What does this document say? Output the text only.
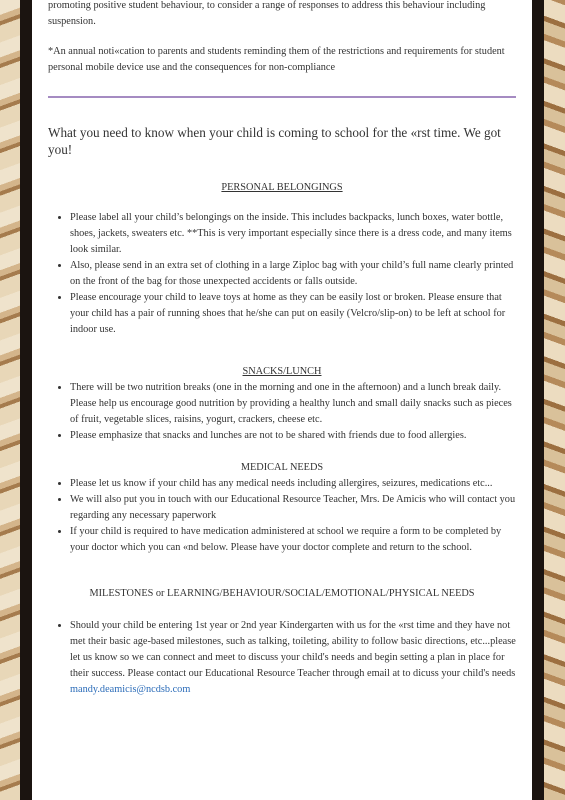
promoting positive student behaviour, to consider a range of responses to address this behaviour including suspension.

*An annual noti«cation to parents and students reminding them of the restrictions and requirements for student personal mobile device use and the consequences for non-compliance

What you need to know when your child is coming to school for the «rst time. We got you!
PERSONAL BELONGINGS
• Please label all your child’s belongings on the inside. This includes backpacks, lunch boxes, water bottle, shoes, jackets, sweaters etc. **This is very important especially since there is a dress code, and many items look similar.
• Also, please send in an extra set of clothing in a large Ziploc bag with your child’s full name clearly printed on the front of the bag for those unexpected accidents or falls outside.
• Please encourage your child to leave toys at home as they can be easily lost or broken. Please ensure that your child has a pair of running shoes that he/she can put on easily (Velcro/slip-on) to be left at school for indoor use.
SNACKS/LUNCH
• There will be two nutrition breaks (one in the morning and one in the afternoon) and a lunch break daily. Please help us encourage good nutrition by providing a healthy lunch and small daily snacks such as pieces of fruit, vegetable slices, raisins, yogurt, crackers, cheese etc.
• Please emphasize that snacks and lunches are not to be shared with friends due to food allergies.
MEDICAL NEEDS
• Please let us know if your child has any medical needs including allergires, seizures, medications etc...
• We will also put you in touch with our Educational Resource Teacher, Mrs. De Amicis who will contact you regarding any necessary paperwork
• If your child is required to have medication administered at school we require a form to be completed by your doctor which you can «nd below. Please have your doctor complete and return to the school.
MILESTONES or LEARNING/BEHAVIOUR/SOCIAL/EMOTIONAL/PHYSICAL NEEDS
• Should your child be entering 1st year or 2nd year Kindergarten with us for the «rst time and they have not met their basic age-based milestones, such as talking, toileting, ability to follow basic directions, etc...please let us know so we can connect and meet to discuss your child's needs and begin setting a plan in place for their success. Please contact our Educational Resource Teacher through email at to dicuss your child's needs mandy.deamicis@ncdsb.com
